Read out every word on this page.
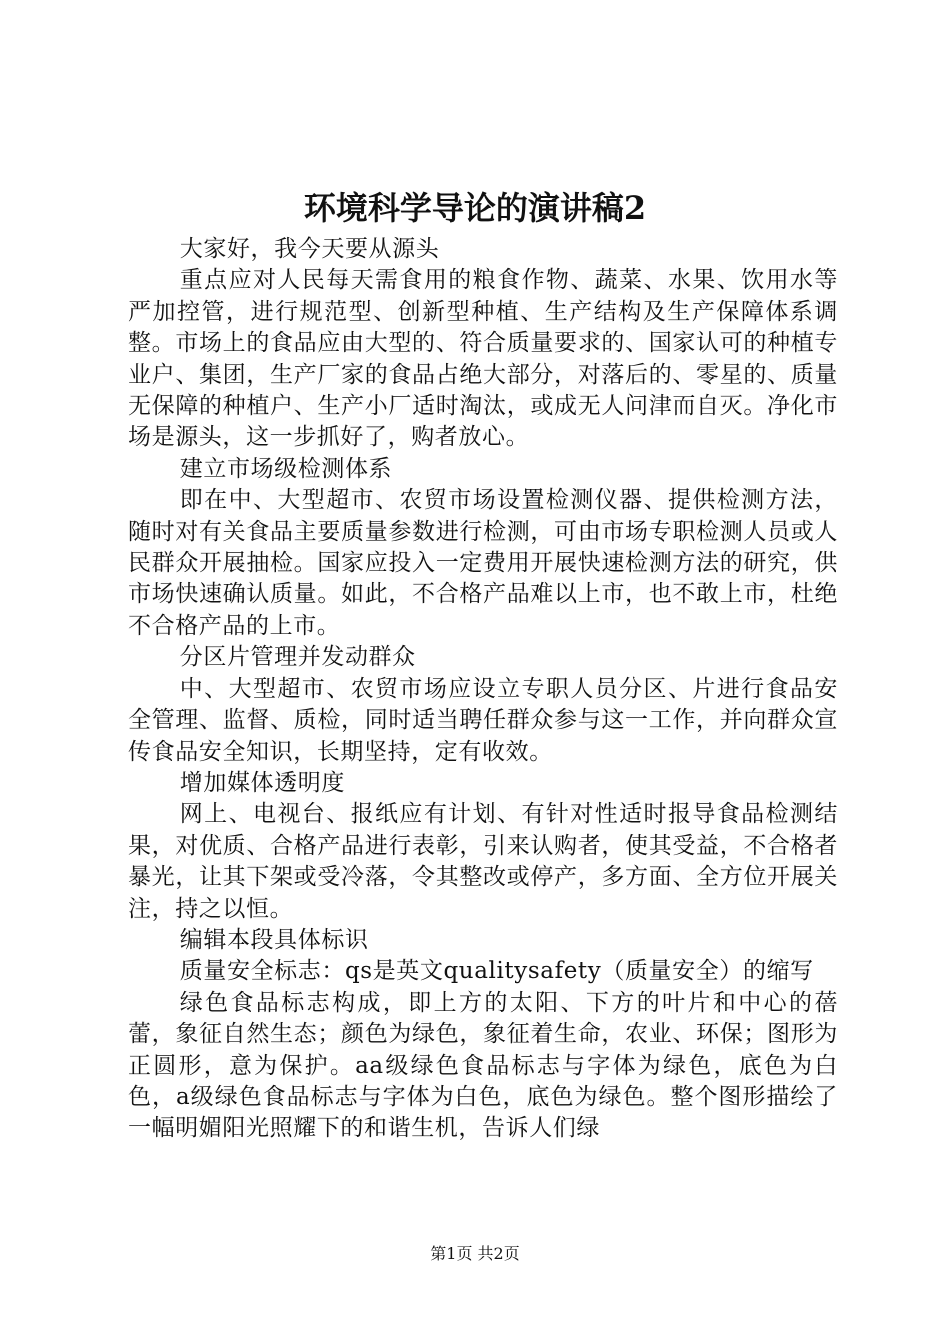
环境科学导论的演讲稿2

大家好，我今天要从源头

重点应对人民每天需食用的粮食作物、蔬菜、水果、饮用水等严加控管，进行规范型、创新型种植、生产结构及生产保障体系调整。市场上的食品应由大型的、符合质量要求的、国家认可的种植专业户、集团，生产厂家的食品占绝大部分，对落后的、零星的、质量无保障的种植户、生产小厂适时淘汰，或成无人问津而自灭。净化市场是源头，这一步抓好了，购者放心。

建立市场级检测体系

即在中、大型超市、农贸市场设置检测仪器、提供检测方法，随时对有关食品主要质量参数进行检测，可由市场专职检测人员或人民群众开展抽检。国家应投入一定费用开展快速检测方法的研究，供市场快速确认质量。如此，不合格产品难以上市，也不敢上市，杜绝不合格产品的上市。

分区片管理并发动群众

中、大型超市、农贸市场应设立专职人员分区、片进行食品安全管理、监督、质检，同时适当聘任群众参与这一工作，并向群众宣传食品安全知识，长期坚持，定有收效。

增加媒体透明度

网上、电视台、报纸应有计划、有针对性适时报导食品检测结果，对优质、合格产品进行表彰，引来认购者，使其受益，不合格者暴光，让其下架或受冷落，令其整改或停产，多方面、全方位开展关注，持之以恒。

编辑本段具体标识

质量安全标志：qs是英文qualitysafety（质量安全）的缩写

绿色食品标志构成，即上方的太阳、下方的叶片和中心的蓓蕾，象征自然生态；颜色为绿色，象征着生命，农业、环保；图形为正圆形，意为保护。aa级绿色食品标志与字体为绿色，底色为白色，a级绿色食品标志与字体为白色，底色为绿色。整个图形描绘了一幅明媚阳光照耀下的和谐生机，告诉人们绿

第1页 共2页
